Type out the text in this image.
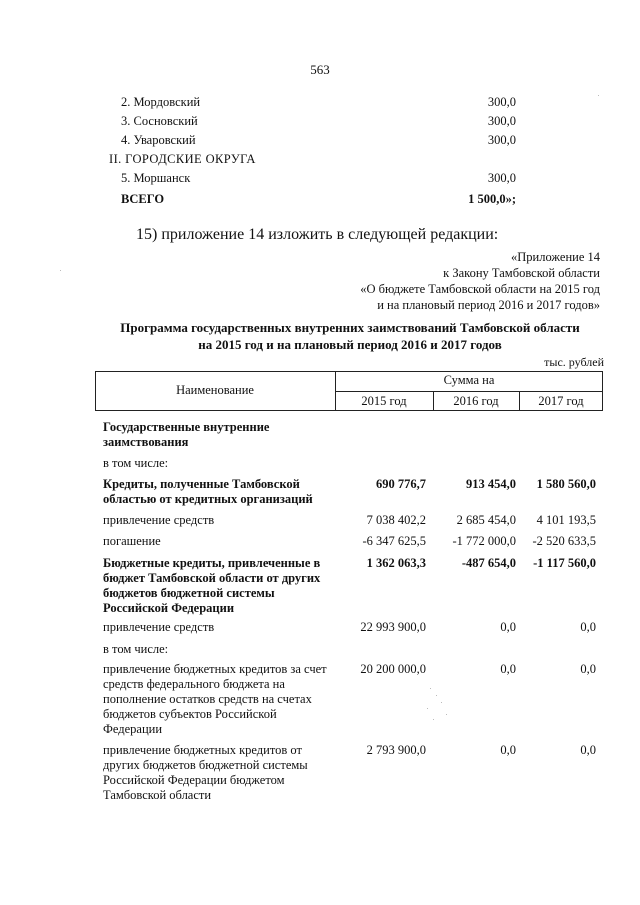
563
2. Мордовский	300,0
3. Сосновский	300,0
4. Уваровский	300,0
II. ГОРОДСКИЕ ОКРУГА
5. Моршанск	300,0
ВСЕГО	1 500,0»;
15) приложение 14 изложить в следующей редакции:
«Приложение 14
к Закону Тамбовской области
«О бюджете Тамбовской области на 2015 год
и на плановый период 2016 и 2017 годов»
Программа государственных внутренних заимствований Тамбовской области
на 2015 год и на плановый период 2016 и 2017 годов
тыс. рублей
Наименование
Сумма на
2015 год	2016 год	2017 год
Государственные внутренние заимствования
в том числе:
Кредиты, полученные Тамбовской областью от кредитных организаций
690 776,7	913 454,0	1 580 560,0
привлечение средств	7 038 402,2	2 685 454,0	4 101 193,5
погашение	-6 347 625,5	-1 772 000,0	-2 520 633,5
Бюджетные кредиты, привлеченные в бюджет Тамбовской области от других бюджетов бюджетной системы Российской Федерации
1 362 063,3	-487 654,0	-1 117 560,0
привлечение средств	22 993 900,0	0,0	0,0
в том числе:
привлечение бюджетных кредитов за счет средств федерального бюджета на пополнение остатков средств на счетах бюджетов субъектов Российской Федерации
20 200 000,0	0,0	0,0
привлечение бюджетных кредитов от других бюджетов бюджетной системы Российской Федерации бюджетом Тамбовской области
2 793 900,0	0,0	0,0
